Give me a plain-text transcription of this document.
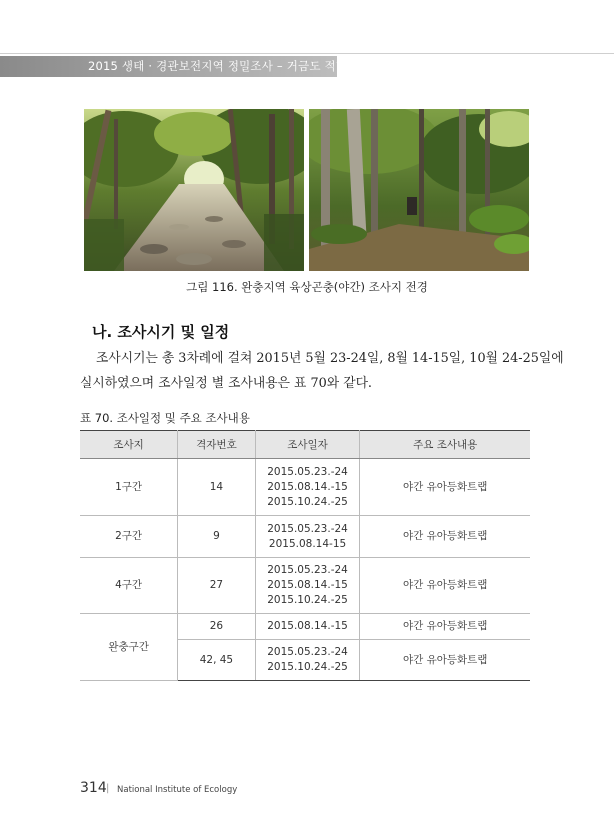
2015 생태 · 경관보전지역 정밀조사 – 거금도 적대봉
그림 116. 완충지역 육상곤충(야간) 조사지 전경
나. 조사시기 및 일정
조사시기는 총 3차례에 걸쳐 2015년 5월 23-24일, 8월 14-15일, 10월 24-25일에
실시하였으며 조사일정 별 조사내용은 표 70와 같다.
표 70. 조사일정 및 주요 조사내용
조사지	격자번호	조사일자	주요 조사내용
1구간	14	2015.05.23.-24
2015.08.14.-15
2015.10.24.-25	야간 유아등화트랩
2구간	9	2015.05.23.-24
2015.08.14-15	야간 유아등화트랩
4구간	27	2015.05.23.-24
2015.08.14.-15
2015.10.24.-25	야간 유아등화트랩
완충구간	26	2015.08.14.-15	야간 유아등화트랩
	42, 45	2015.05.23.-24
2015.10.24.-25	야간 유아등화트랩
314 | National Institute of Ecology
